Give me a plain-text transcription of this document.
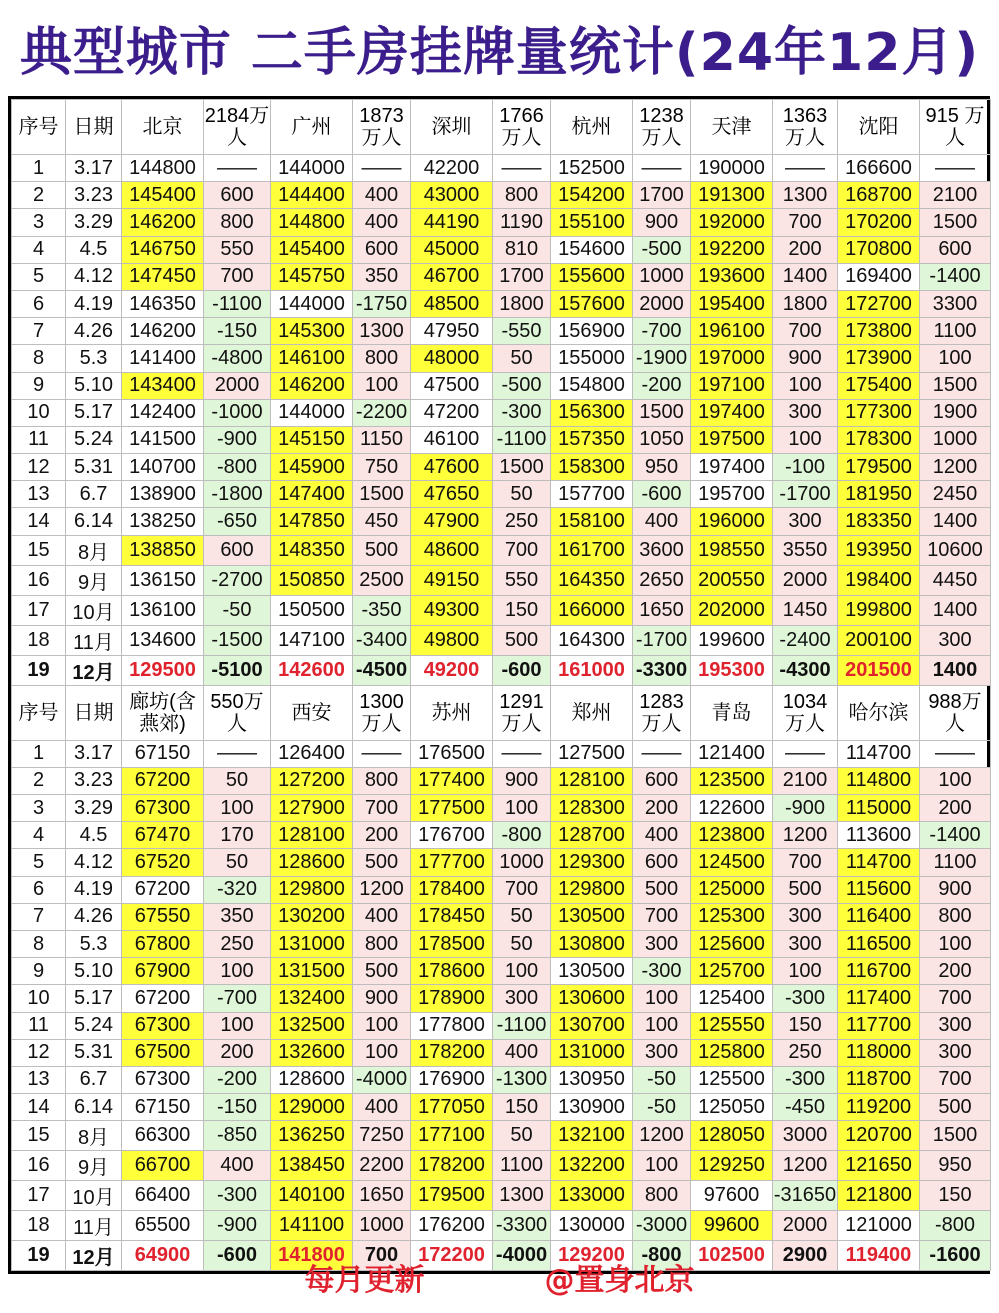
典型城市 二手房挂牌量统计(24年12月)
序号	日期	北京	2184万人	广州	1873万人	深圳	1766万人	杭州	1238万人	天津	1363万人	沈阳	915 万人
1	3.17	144800	——	144000	——	42200	——	152500	——	190000	——	166600	——
2	3.23	145400	600	144400	400	43000	800	154200	1700	191300	1300	168700	2100
3	3.29	146200	800	144800	400	44190	1190	155100	900	192000	700	170200	1500
4	4.5	146750	550	145400	600	45000	810	154600	-500	192200	200	170800	600
5	4.12	147450	700	145750	350	46700	1700	155600	1000	193600	1400	169400	-1400
6	4.19	146350	-1100	144000	-1750	48500	1800	157600	2000	195400	1800	172700	3300
7	4.26	146200	-150	145300	1300	47950	-550	156900	-700	196100	700	173800	1100
8	5.3	141400	-4800	146100	800	48000	50	155000	-1900	197000	900	173900	100
9	5.10	143400	2000	146200	100	47500	-500	154800	-200	197100	100	175400	1500
10	5.17	142400	-1000	144000	-2200	47200	-300	156300	1500	197400	300	177300	1900
11	5.24	141500	-900	145150	1150	46100	-1100	157350	1050	197500	100	178300	1000
12	5.31	140700	-800	145900	750	47600	1500	158300	950	197400	-100	179500	1200
13	6.7	138900	-1800	147400	1500	47650	50	157700	-600	195700	-1700	181950	2450
14	6.14	138250	-650	147850	450	47900	250	158100	400	196000	300	183350	1400
15	8月	138850	600	148350	500	48600	700	161700	3600	198550	3550	193950	10600
16	9月	136150	-2700	150850	2500	49150	550	164350	2650	200550	2000	198400	4450
17	10月	136100	-50	150500	-350	49300	150	166000	1650	202000	1450	199800	1400
18	11月	134600	-1500	147100	-3400	49800	500	164300	-1700	199600	-2400	200100	300
19	12月	129500	-5100	142600	-4500	49200	-600	161000	-3300	195300	-4300	201500	1400
序号	日期	廊坊(含燕郊)	550万人	西安	1300万人	苏州	1291万人	郑州	1283万人	青岛	1034万人	哈尔滨	988万人
1	3.17	67150	——	126400	——	176500	——	127500	——	121400	——	114700	——
2	3.23	67200	50	127200	800	177400	900	128100	600	123500	2100	114800	100
3	3.29	67300	100	127900	700	177500	100	128300	200	122600	-900	115000	200
4	4.5	67470	170	128100	200	176700	-800	128700	400	123800	1200	113600	-1400
5	4.12	67520	50	128600	500	177700	1000	129300	600	124500	700	114700	1100
6	4.19	67200	-320	129800	1200	178400	700	129800	500	125000	500	115600	900
7	4.26	67550	350	130200	400	178450	50	130500	700	125300	300	116400	800
8	5.3	67800	250	131000	800	178500	50	130800	300	125600	300	116500	100
9	5.10	67900	100	131500	500	178600	100	130500	-300	125700	100	116700	200
10	5.17	67200	-700	132400	900	178900	300	130600	100	125400	-300	117400	700
11	5.24	67300	100	132500	100	177800	-1100	130700	100	125550	150	117700	300
12	5.31	67500	200	132600	100	178200	400	131000	300	125800	250	118000	300
13	6.7	67300	-200	128600	-4000	176900	-1300	130950	-50	125500	-300	118700	700
14	6.14	67150	-150	129000	400	177050	150	130900	-50	125050	-450	119200	500
15	8月	66300	-850	136250	7250	177100	50	132100	1200	128050	3000	120700	1500
16	9月	66700	400	138450	2200	178200	1100	132200	100	129250	1200	121650	950
17	10月	66400	-300	140100	1650	179500	1300	133000	800	97600	-31650	121800	150
18	11月	65500	-900	141100	1000	176200	-3300	130000	-3000	99600	2000	121000	-800
19	12月	64900	-600	141800	700	172200	-4000	129200	-800	102500	2900	119400	-1600
每月更新	@置身北京
